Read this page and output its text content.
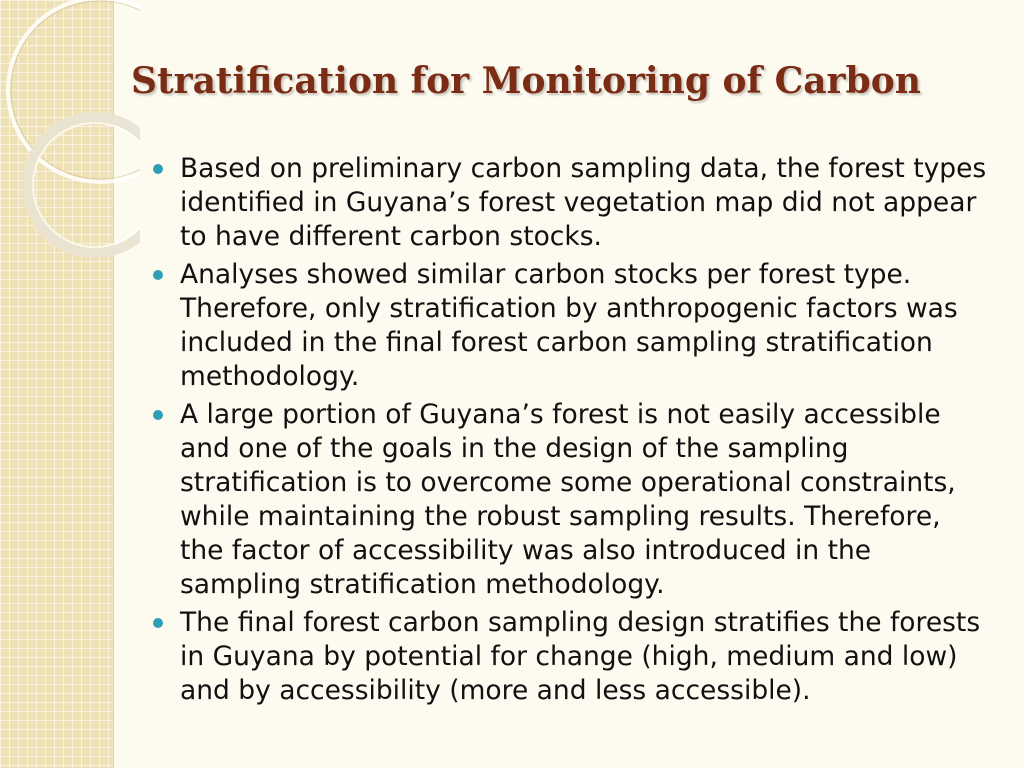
Stratification for Monitoring of Carbon
Based on preliminary carbon sampling data, the forest types identified in Guyana’s forest vegetation map did not appear to have different carbon stocks.
Analyses showed similar carbon stocks per forest type. Therefore, only stratification by anthropogenic factors was included in the final forest carbon sampling stratification methodology.
A large portion of Guyana’s forest is not easily accessible and one of the goals in the design of the sampling stratification is to overcome some operational constraints, while maintaining the robust sampling results. Therefore, the factor of accessibility was also introduced in the sampling stratification methodology.
The final forest carbon sampling design stratifies the forests in Guyana by potential for change (high, medium and low) and by accessibility (more and less accessible).
